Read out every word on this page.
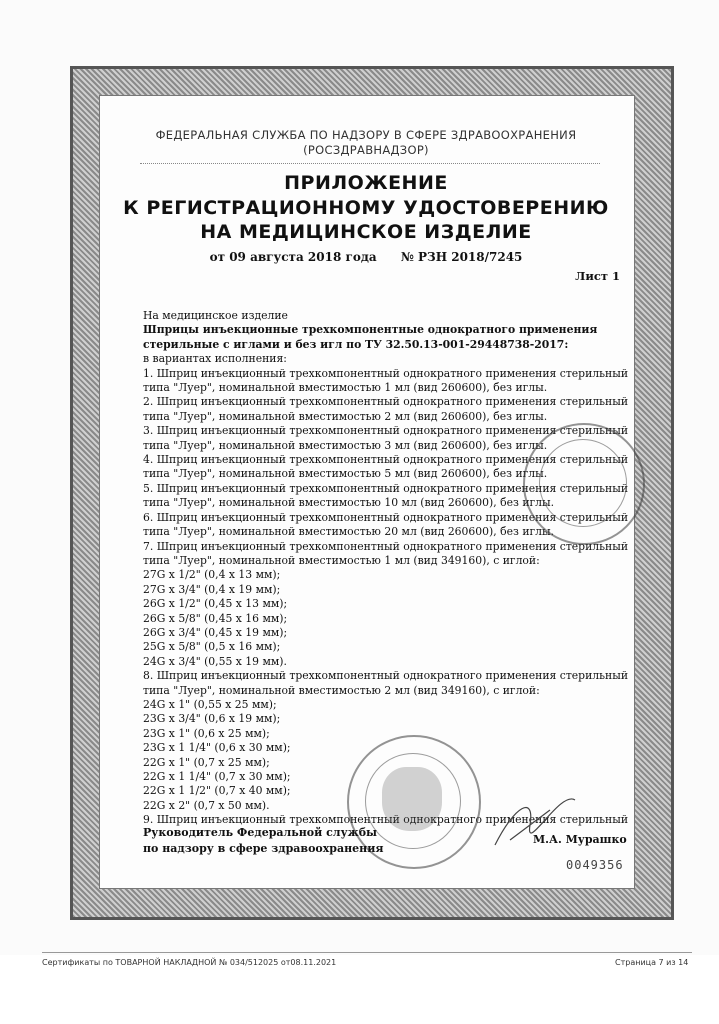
ФЕДЕРАЛЬНАЯ СЛУЖБА ПО НАДЗОРУ В СФЕРЕ ЗДРАВООХРАНЕНИЯ
(РОСЗДРАВНАДЗОР)
ПРИЛОЖЕНИЕ
К РЕГИСТРАЦИОННОМУ УДОСТОВЕРЕНИЮ
НА МЕДИЦИНСКОЕ ИЗДЕЛИЕ
от 09 августа 2018 года № РЗН 2018/7245
Лист 1
На медицинское изделие
Шприцы инъекционные трехкомпонентные однократного применения
стерильные с иглами и без игл по ТУ 32.50.13-001-29448738-2017:
в вариантах исполнения:
1. Шприц инъекционный трехкомпонентный однократного применения стерильный
типа "Луер", номинальной вместимостью 1 мл (вид 260600), без иглы.
2. Шприц инъекционный трехкомпонентный однократного применения стерильный
типа "Луер", номинальной вместимостью 2 мл (вид 260600), без иглы.
3. Шприц инъекционный трехкомпонентный однократного применения стерильный
типа "Луер", номинальной вместимостью 3 мл (вид 260600), без иглы.
4. Шприц инъекционный трехкомпонентный однократного применения стерильный
типа "Луер", номинальной вместимостью 5 мл (вид 260600), без иглы.
5. Шприц инъекционный трехкомпонентный однократного применения стерильный
типа "Луер", номинальной вместимостью 10 мл (вид 260600), без иглы.
6. Шприц инъекционный трехкомпонентный однократного применения стерильный
типа "Луер", номинальной вместимостью 20 мл (вид 260600), без иглы.
7. Шприц инъекционный трехкомпонентный однократного применения стерильный
типа "Луер", номинальной вместимостью 1 мл (вид 349160), с иглой:
27G x 1/2" (0,4 x 13 мм);
27G x 3/4" (0,4 x 19 мм);
26G x 1/2" (0,45 x 13 мм);
26G x 5/8" (0,45 x 16 мм);
26G x 3/4" (0,45 x 19 мм);
25G x 5/8" (0,5 x 16 мм);
24G x 3/4" (0,55 x 19 мм).
8. Шприц инъекционный трехкомпонентный однократного применения стерильный
типа "Луер", номинальной вместимостью 2 мл (вид 349160), с иглой:
24G x 1" (0,55 x 25 мм);
23G x 3/4" (0,6 x 19 мм);
23G x 1" (0,6 x 25 мм);
23G x 1 1/4" (0,6 x 30 мм);
22G x 1" (0,7 x 25 мм);
22G x 1 1/4" (0,7 x 30 мм);
22G x 1 1/2" (0,7 x 40 мм);
22G x 2" (0,7 x 50 мм).
9. Шприц инъекционный трехкомпонентный однократного применения стерильный
Руководитель Федеральной службы
по надзору в сфере здравоохранения
М.А. Мурашко
0049356
Сертификаты по ТОВАРНОЙ НАКЛАДНОЙ № 034/512025 от08.11.2021	Страница 7 из 14
